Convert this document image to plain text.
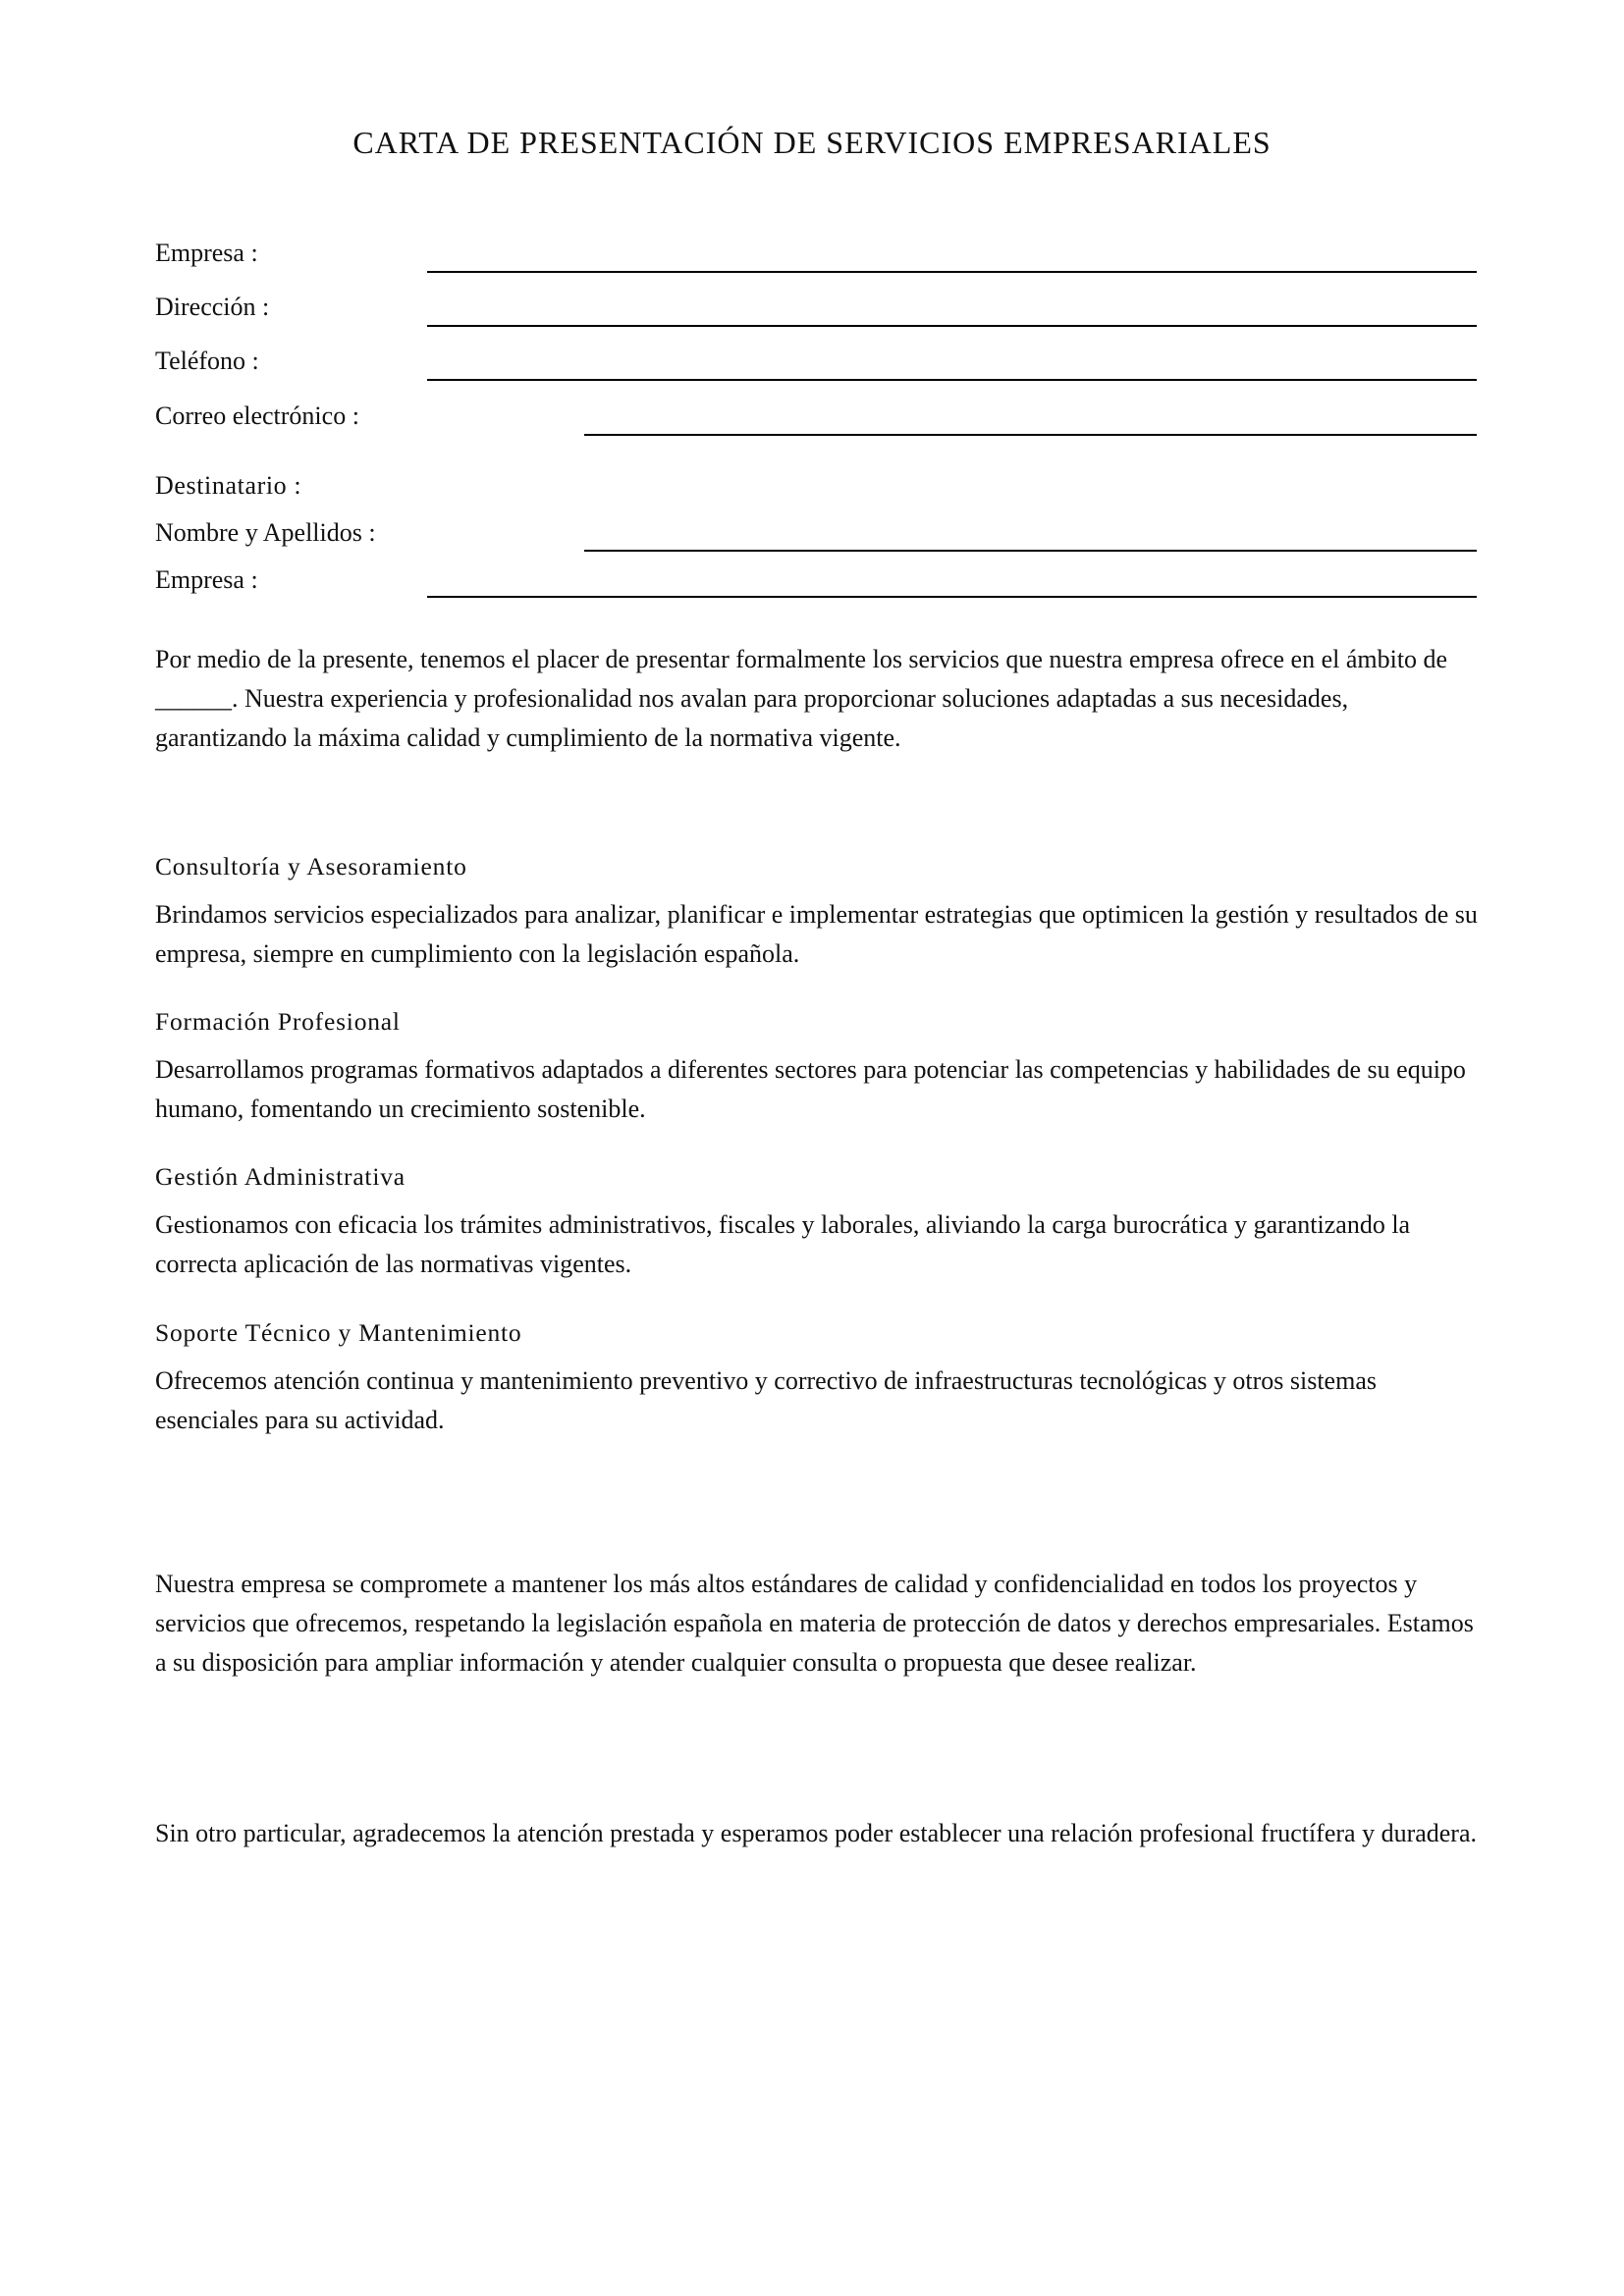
CARTA DE PRESENTACIÓN DE SERVICIOS EMPRESARIALES
Empresa :
Dirección :
Teléfono :
Correo electrónico :
Destinatario :
Nombre y Apellidos :
Empresa :

Por medio de la presente, tenemos el placer de presentar formalmente los servicios que nuestra empresa ofrece en el ámbito de ______. Nuestra experiencia y profesionalidad nos avalan para proporcionar soluciones adaptadas a sus necesidades, garantizando la máxima calidad y cumplimiento de la normativa vigente.

Consultoría y Asesoramiento

Brindamos servicios especializados para analizar, planificar e implementar estrategias que optimicen la gestión y resultados de su empresa, siempre en cumplimiento con la legislación española.

Formación Profesional

Desarrollamos programas formativos adaptados a diferentes sectores para potenciar las competencias y habilidades de su equipo humano, fomentando un crecimiento sostenible.

Gestión Administrativa

Gestionamos con eficacia los trámites administrativos, fiscales y laborales, aliviando la carga burocrática y garantizando la correcta aplicación de las normativas vigentes.

Soporte Técnico y Mantenimiento

Ofrecemos atención continua y mantenimiento preventivo y correctivo de infraestructuras tecnológicas y otros sistemas esenciales para su actividad.

Nuestra empresa se compromete a mantener los más altos estándares de calidad y confidencialidad en todos los proyectos y servicios que ofrecemos, respetando la legislación española en materia de protección de datos y derechos empresariales. Estamos a su disposición para ampliar información y atender cualquier consulta o propuesta que desee realizar.

Sin otro particular, agradecemos la atención prestada y esperamos poder establecer una relación profesional fructífera y duradera.
